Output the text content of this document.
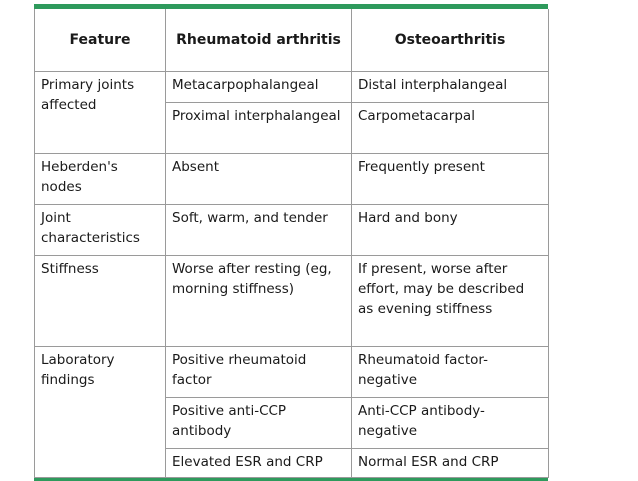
Feature	Rheumatoid arthritis	Osteoarthritis
Primary joints affected	Metacarpophalangeal	Distal interphalangeal
	Proximal interphalangeal	Carpometacarpal
Heberden's nodes	Absent	Frequently present
Joint characteristics	Soft, warm, and tender	Hard and bony
Stiffness	Worse after resting (eg, morning stiffness)	If present, worse after effort, may be described as evening stiffness
Laboratory findings	Positive rheumatoid factor	Rheumatoid factor-negative
	Positive anti-CCP antibody	Anti-CCP antibody-negative
	Elevated ESR and CRP	Normal ESR and CRP
